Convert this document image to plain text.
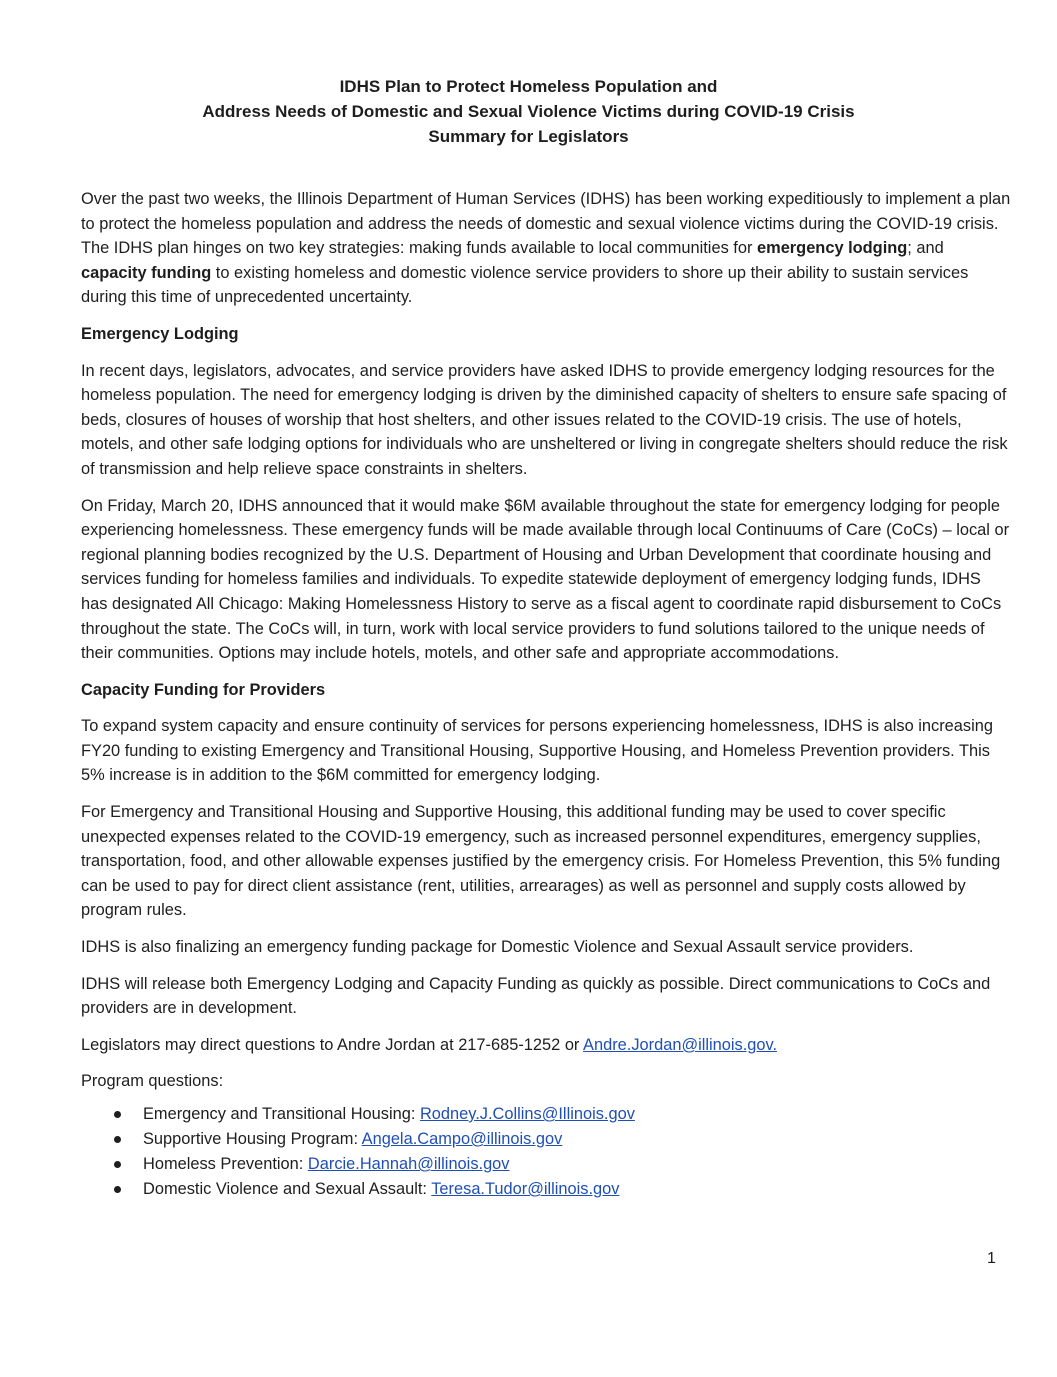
IDHS Plan to Protect Homeless Population and
Address Needs of Domestic and Sexual Violence Victims during COVID-19 Crisis
Summary for Legislators

Over the past two weeks, the Illinois Department of Human Services (IDHS) has been working expeditiously to implement a plan to protect the homeless population and address the needs of domestic and sexual violence victims during the COVID-19 crisis. The IDHS plan hinges on two key strategies: making funds available to local communities for emergency lodging; and capacity funding to existing homeless and domestic violence service providers to shore up their ability to sustain services during this time of unprecedented uncertainty.

Emergency Lodging

In recent days, legislators, advocates, and service providers have asked IDHS to provide emergency lodging resources for the homeless population. The need for emergency lodging is driven by the diminished capacity of shelters to ensure safe spacing of beds, closures of houses of worship that host shelters, and other issues related to the COVID-19 crisis. The use of hotels, motels, and other safe lodging options for individuals who are unsheltered or living in congregate shelters should reduce the risk of transmission and help relieve space constraints in shelters.

On Friday, March 20, IDHS announced that it would make $6M available throughout the state for emergency lodging for people experiencing homelessness. These emergency funds will be made available through local Continuums of Care (CoCs) – local or regional planning bodies recognized by the U.S. Department of Housing and Urban Development that coordinate housing and services funding for homeless families and individuals. To expedite statewide deployment of emergency lodging funds, IDHS has designated All Chicago: Making Homelessness History to serve as a fiscal agent to coordinate rapid disbursement to CoCs throughout the state. The CoCs will, in turn, work with local service providers to fund solutions tailored to the unique needs of their communities. Options may include hotels, motels, and other safe and appropriate accommodations.

Capacity Funding for Providers

To expand system capacity and ensure continuity of services for persons experiencing homelessness, IDHS is also increasing FY20 funding to existing Emergency and Transitional Housing, Supportive Housing, and Homeless Prevention providers. This 5% increase is in addition to the $6M committed for emergency lodging.

For Emergency and Transitional Housing and Supportive Housing, this additional funding may be used to cover specific unexpected expenses related to the COVID-19 emergency, such as increased personnel expenditures, emergency supplies, transportation, food, and other allowable expenses justified by the emergency crisis. For Homeless Prevention, this 5% funding can be used to pay for direct client assistance (rent, utilities, arrearages) as well as personnel and supply costs allowed by program rules.

IDHS is also finalizing an emergency funding package for Domestic Violence and Sexual Assault service providers.

IDHS will release both Emergency Lodging and Capacity Funding as quickly as possible. Direct communications to CoCs and providers are in development.

Legislators may direct questions to Andre Jordan at 217-685-1252 or Andre.Jordan@illinois.gov.

Program questions:

Emergency and Transitional Housing: Rodney.J.Collins@Illinois.gov
Supportive Housing Program: Angela.Campo@illinois.gov
Homeless Prevention: Darcie.Hannah@illinois.gov
Domestic Violence and Sexual Assault: Teresa.Tudor@illinois.gov
1
